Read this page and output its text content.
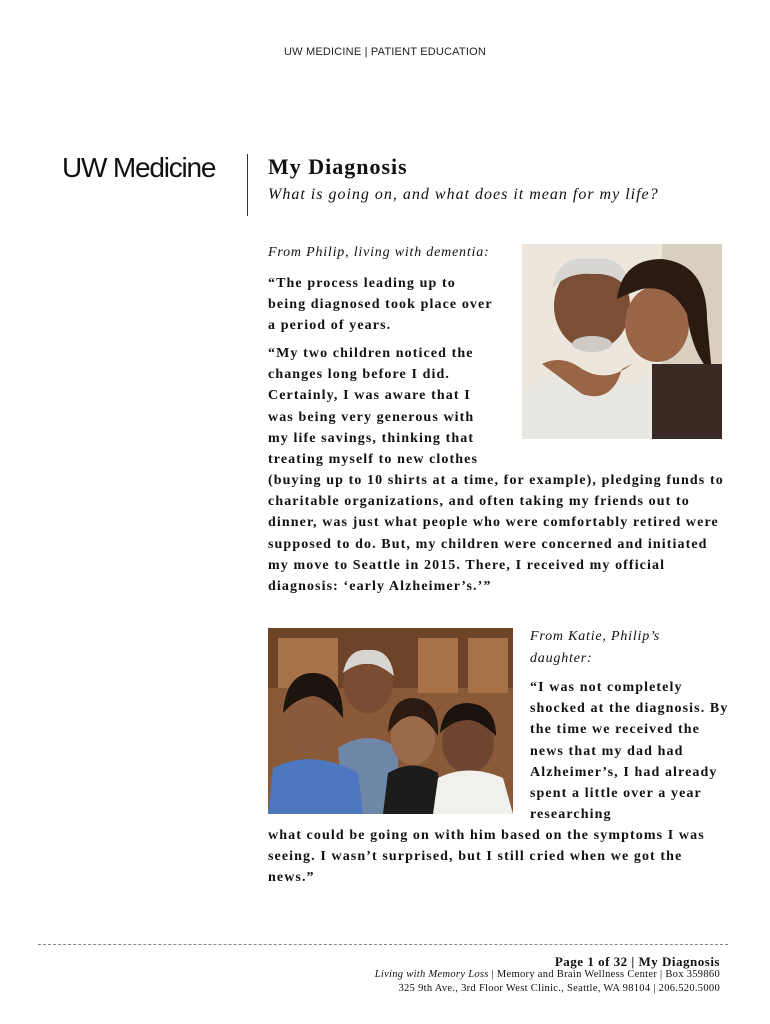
UW MEDICINE | PATIENT EDUCATION
UW Medicine My Diagnosis
What is going on, and what does it mean for my life?
From Philip, living with dementia:

“The process leading up to being diagnosed took place over a period of years.

“My two children noticed the changes long before I did. Certainly, I was aware that I was being very generous with my life savings, thinking that treating myself to new clothes

(buying up to 10 shirts at a time, for example), pledging funds to charitable organizations, and often taking my friends out to dinner, was just what people who were comfortably retired were supposed to do. But, my children were concerned and initiated my move to Seattle in 2015. There, I received my official diagnosis: ‘early Alzheimer’s.’”

From Katie, Philip’s daughter:

“I was not completely shocked at the diagnosis. By the time we received the news that my dad had Alzheimer’s, I had already spent a little over a year researching

what could be going on with him based on the symptoms I was seeing. I wasn’t surprised, but I still cried when we got the news.”

Page 1 of 32 | My Diagnosis
Living with Memory Loss | Memory and Brain Wellness Center | Box 359860
325 9th Ave., 3rd Floor West Clinic., Seattle, WA 98104 | 206.520.5000
